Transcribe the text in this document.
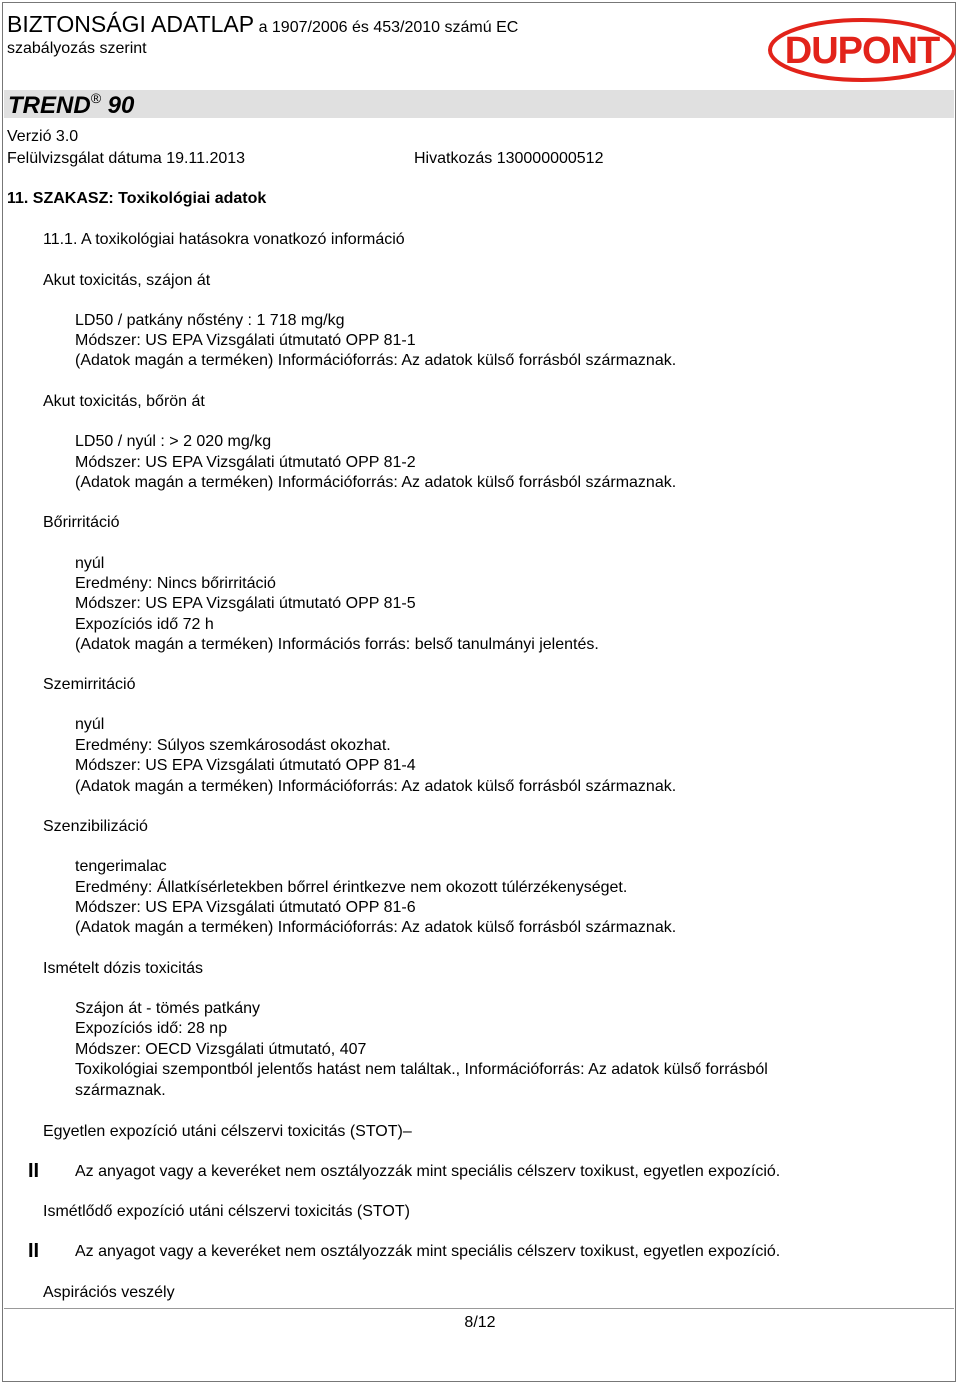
BIZTONSÁGI ADATLAP a 1907/2006 és 453/2010 számú EC
szabályozás szerint	DUPONT
TREND® 90
Verzió 3.0
Felülvizsgálat dátuma 19.11.2013	Hivatkozás 130000000512
11. SZAKASZ: Toxikológiai adatok
11.1. A toxikológiai hatásokra vonatkozó információ
Akut toxicitás, szájon át
LD50 / patkány nőstény : 1 718 mg/kg
Módszer: US EPA Vizsgálati útmutató OPP 81-1
(Adatok magán a terméken) Információforrás: Az adatok külső forrásból származnak.
Akut toxicitás, bőrön át
LD50 / nyúl : > 2 020 mg/kg
Módszer: US EPA Vizsgálati útmutató OPP 81-2
(Adatok magán a terméken) Információforrás: Az adatok külső forrásból származnak.
Bőrirritáció
nyúl
Eredmény: Nincs bőrirritáció
Módszer: US EPA Vizsgálati útmutató OPP 81-5
Expozíciós idő 72 h
(Adatok magán a terméken) Információs forrás: belső tanulmányi jelentés.
Szemirritáció
nyúl
Eredmény: Súlyos szemkárosodást okozhat.
Módszer: US EPA Vizsgálati útmutató OPP 81-4
(Adatok magán a terméken) Információforrás: Az adatok külső forrásból származnak.
Szenzibilizáció
tengerimalac
Eredmény: Állatkísérletekben bőrrel érintkezve nem okozott túlérzékenységet.
Módszer: US EPA Vizsgálati útmutató OPP 81-6
(Adatok magán a terméken) Információforrás: Az adatok külső forrásból származnak.
Ismételt dózis toxicitás
Szájon át - tömés patkány
Expozíciós idő: 28 np
Módszer: OECD Vizsgálati útmutató, 407
Toxikológiai szempontból jelentős hatást nem találtak., Információforrás: Az adatok külső forrásból
származnak.
Egyetlen expozíció utáni célszervi toxicitás (STOT)–
II Az anyagot vagy a keveréket nem osztályozzák mint speciális célszerv toxikust, egyetlen expozíció.
Ismétlődő expozíció utáni célszervi toxicitás (STOT)
II Az anyagot vagy a keveréket nem osztályozzák mint speciális célszerv toxikust, egyetlen expozíció.
Aspirációs veszély
8/12
